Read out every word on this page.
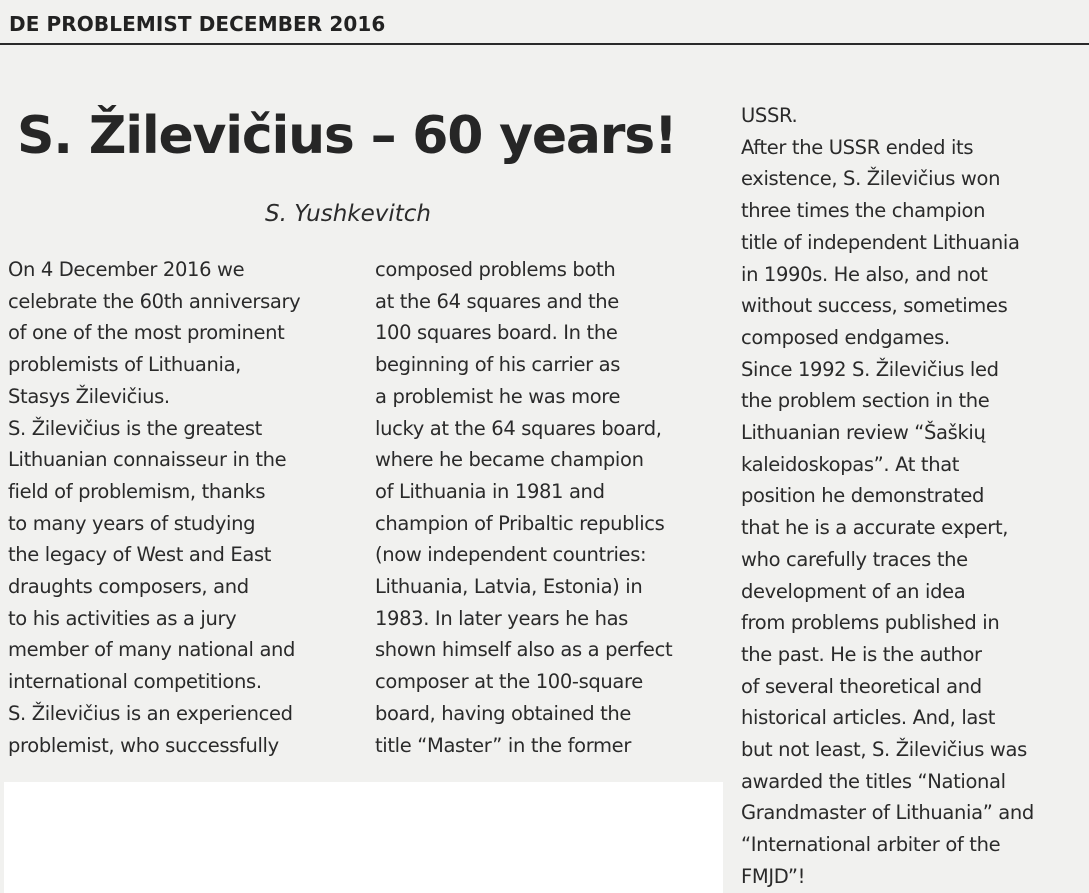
DE PROBLEMIST DECEMBER 2016
S. Žilevičius – 60 years!
S. Yushkevitch
On 4 December 2016 we
celebrate the 60th anniversary
of one of the most prominent
problemists of Lithuania,
Stasys Žilevičius.
S. Žilevičius is the greatest
Lithuanian connaisseur in the
field of problemism, thanks
to many years of studying
the legacy of West and East
draughts composers, and
to his activities as a jury
member of many national and
international competitions.
S. Žilevičius is an experienced
problemist, who successfully
composed problems both
at the 64 squares and the
100 squares board. In the
beginning of his carrier as
a problemist he was more
lucky at the 64 squares board,
where he became champion
of Lithuania in 1981 and
champion of Pribaltic republics
(now independent countries:
Lithuania, Latvia, Estonia) in
1983. In later years he has
shown himself also as a perfect
composer at the 100-square
board, having obtained the
title “Master” in the former
USSR.
After the USSR ended its
existence, S. Žilevičius won
three times the champion
title of independent Lithuania
in 1990s. He also, and not
without success, sometimes
composed endgames.
Since 1992 S. Žilevičius led
the problem section in the
Lithuanian review “Šaškių
kaleidoskopas”. At that
position he demonstrated
that he is a accurate expert,
who carefully traces the
development of an idea
from problems published in
the past. He is the author
of several theoretical and
historical articles. And, last
but not least, S. Žilevičius was
awarded the titles “National
Grandmaster of Lithuania” and
“International arbiter of the
FMJD”!
